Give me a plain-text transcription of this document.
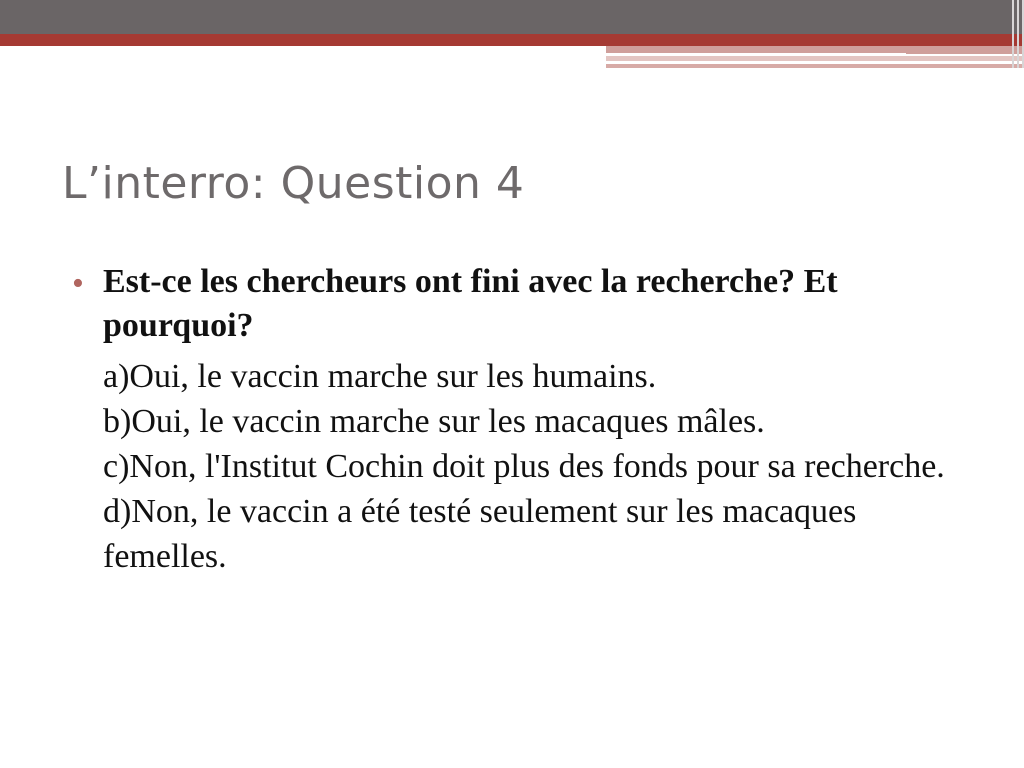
L’interro: Question 4
• Est-ce les chercheurs ont fini avec la recherche? Et pourquoi?
a)Oui, le vaccin marche sur les humains.
b)Oui, le vaccin marche sur les macaques mâles.
c)Non, l'Institut Cochin doit plus des fonds pour sa recherche.
d)Non, le vaccin a été testé seulement sur les macaques femelles.
